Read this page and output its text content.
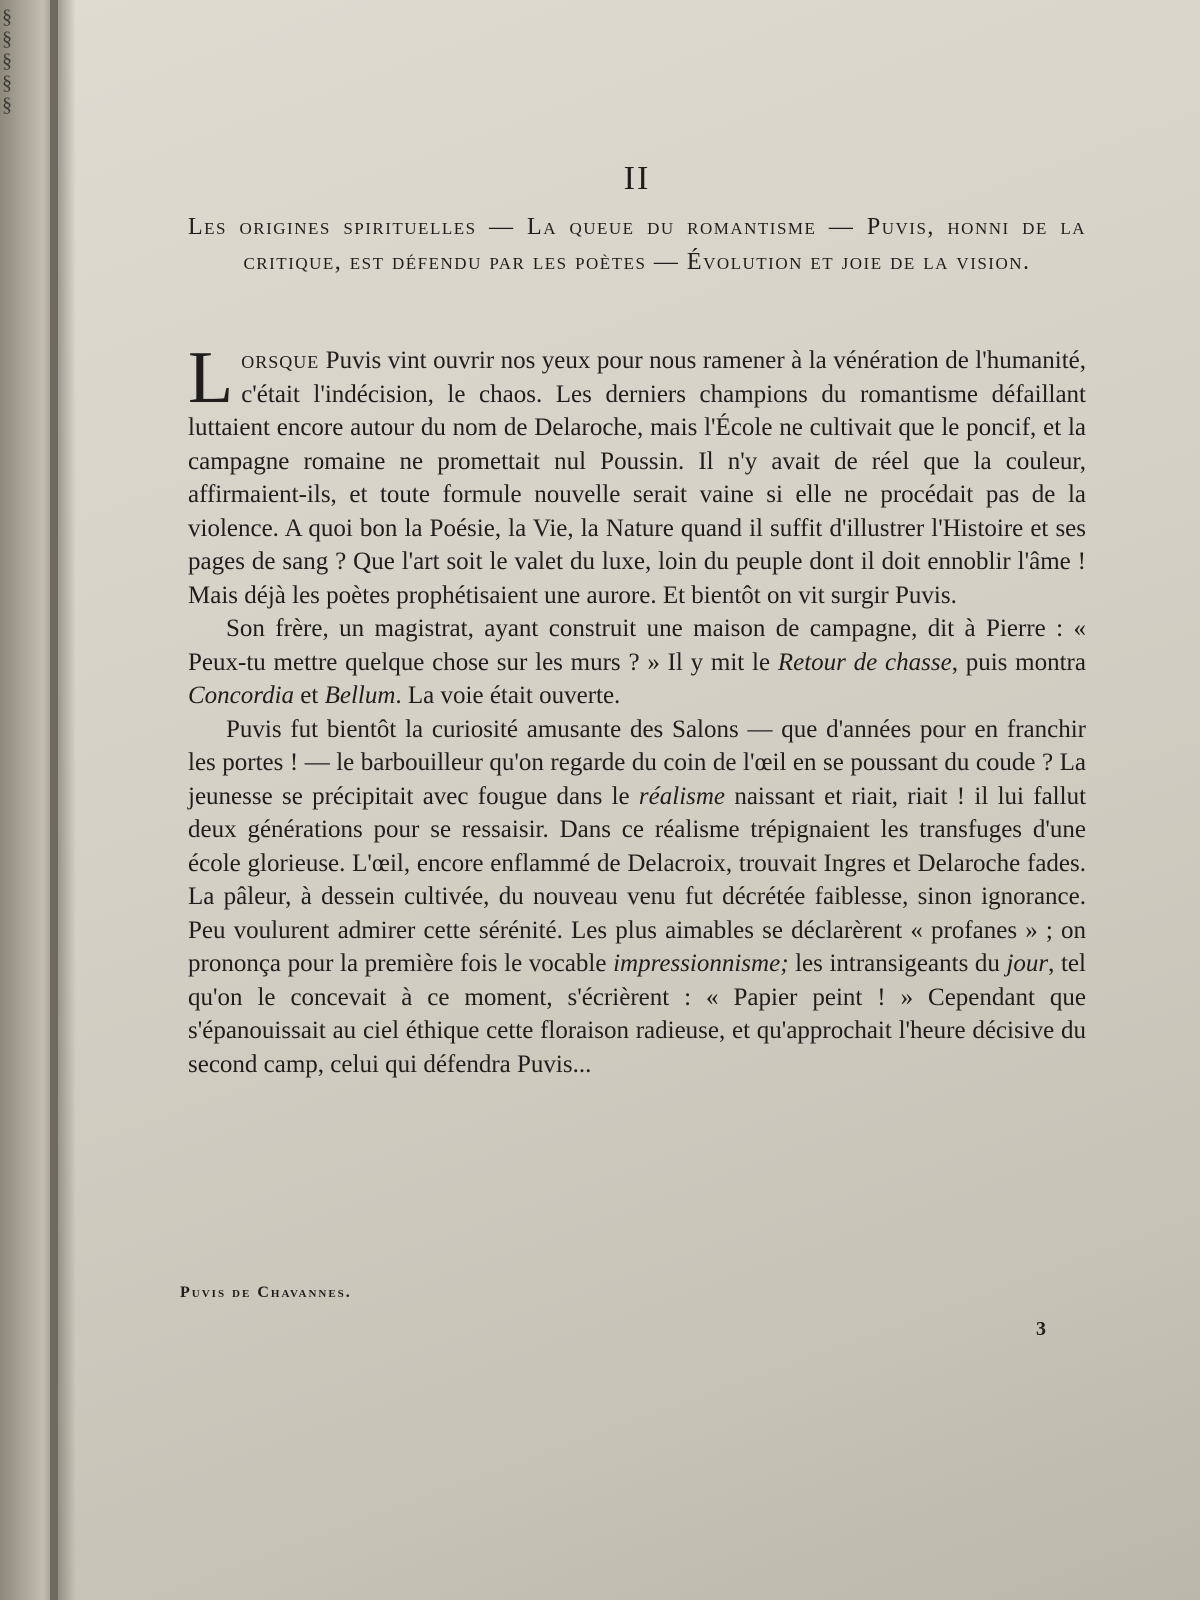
§
§
§
§
§
II

Les origines spirituelles — La queue du romantisme — Puvis, honni de la critique, est défendu par les poètes — Évolution et joie de la vision.

Lorsque Puvis vint ouvrir nos yeux pour nous ramener à la vénération de l'humanité, c'était l'indécision, le chaos. Les derniers champions du romantisme défaillant luttaient encore autour du nom de Delaroche, mais l'École ne cultivait que le poncif, et la campagne romaine ne promettait nul Poussin. Il n'y avait de réel que la couleur, affirmaient-ils, et toute formule nouvelle serait vaine si elle ne procédait pas de la violence. A quoi bon la Poésie, la Vie, la Nature quand il suffit d'illustrer l'Histoire et ses pages de sang ? Que l'art soit le valet du luxe, loin du peuple dont il doit ennoblir l'âme ! Mais déjà les poètes prophétisaient une aurore. Et bientôt on vit surgir Puvis.

Son frère, un magistrat, ayant construit une maison de campagne, dit à Pierre : « Peux-tu mettre quelque chose sur les murs ? » Il y mit le Retour de chasse, puis montra Concordia et Bellum. La voie était ouverte.

Puvis fut bientôt la curiosité amusante des Salons — que d'années pour en franchir les portes ! — le barbouilleur qu'on regarde du coin de l'œil en se poussant du coude ? La jeunesse se précipitait avec fougue dans le réalisme naissant et riait, riait ! il lui fallut deux générations pour se ressaisir. Dans ce réalisme trépignaient les transfuges d'une école glorieuse. L'œil, encore enflammé de Delacroix, trouvait Ingres et Delaroche fades. La pâleur, à dessein cultivée, du nouveau venu fut décrétée faiblesse, sinon ignorance. Peu voulurent admirer cette sérénité. Les plus aimables se déclarèrent « profanes » ; on prononça pour la première fois le vocable impressionnisme; les intransigeants du jour, tel qu'on le concevait à ce moment, s'écrièrent : « Papier peint ! » Cependant que s'épanouissait au ciel éthique cette floraison radieuse, et qu'approchait l'heure décisive du second camp, celui qui défendra Puvis...

Puvis de Chavannes.
3
